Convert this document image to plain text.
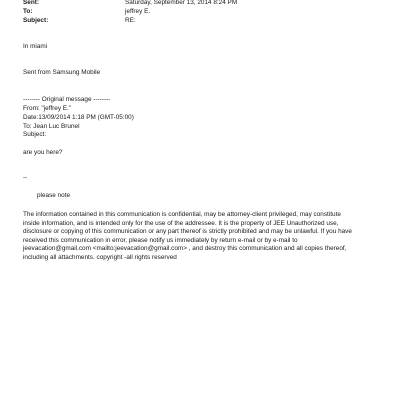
Sent:	Saturday, September 13, 2014 8:24 PM
To:	jeffrey E.
Subject:	RE:
In miami
Sent from Samsung Mobile
-------- Original message --------
From: "jeffrey E."
Date:13/09/2014 1:18 PM (GMT-05:00)
To: Jean Luc Brunel
Subject:
are you here?
--
please note
The information contained in this communication is confidential, may be attorney-client privileged, may constitute
inside information, and is intended only for the use of the addressee. It is the property of JEE Unauthorized use,
disclosure or copying of this communication or any part thereof is strictly prohibited and may be unlawful. If you have
received this communication in error, please notify us immediately by return e-mail or by e-mail to
jeevacation@gmail.com <mailto:jeevacation@gmail.com> , and destroy this communication and all copies thereof,
including all attachments. copyright -all rights reserved
